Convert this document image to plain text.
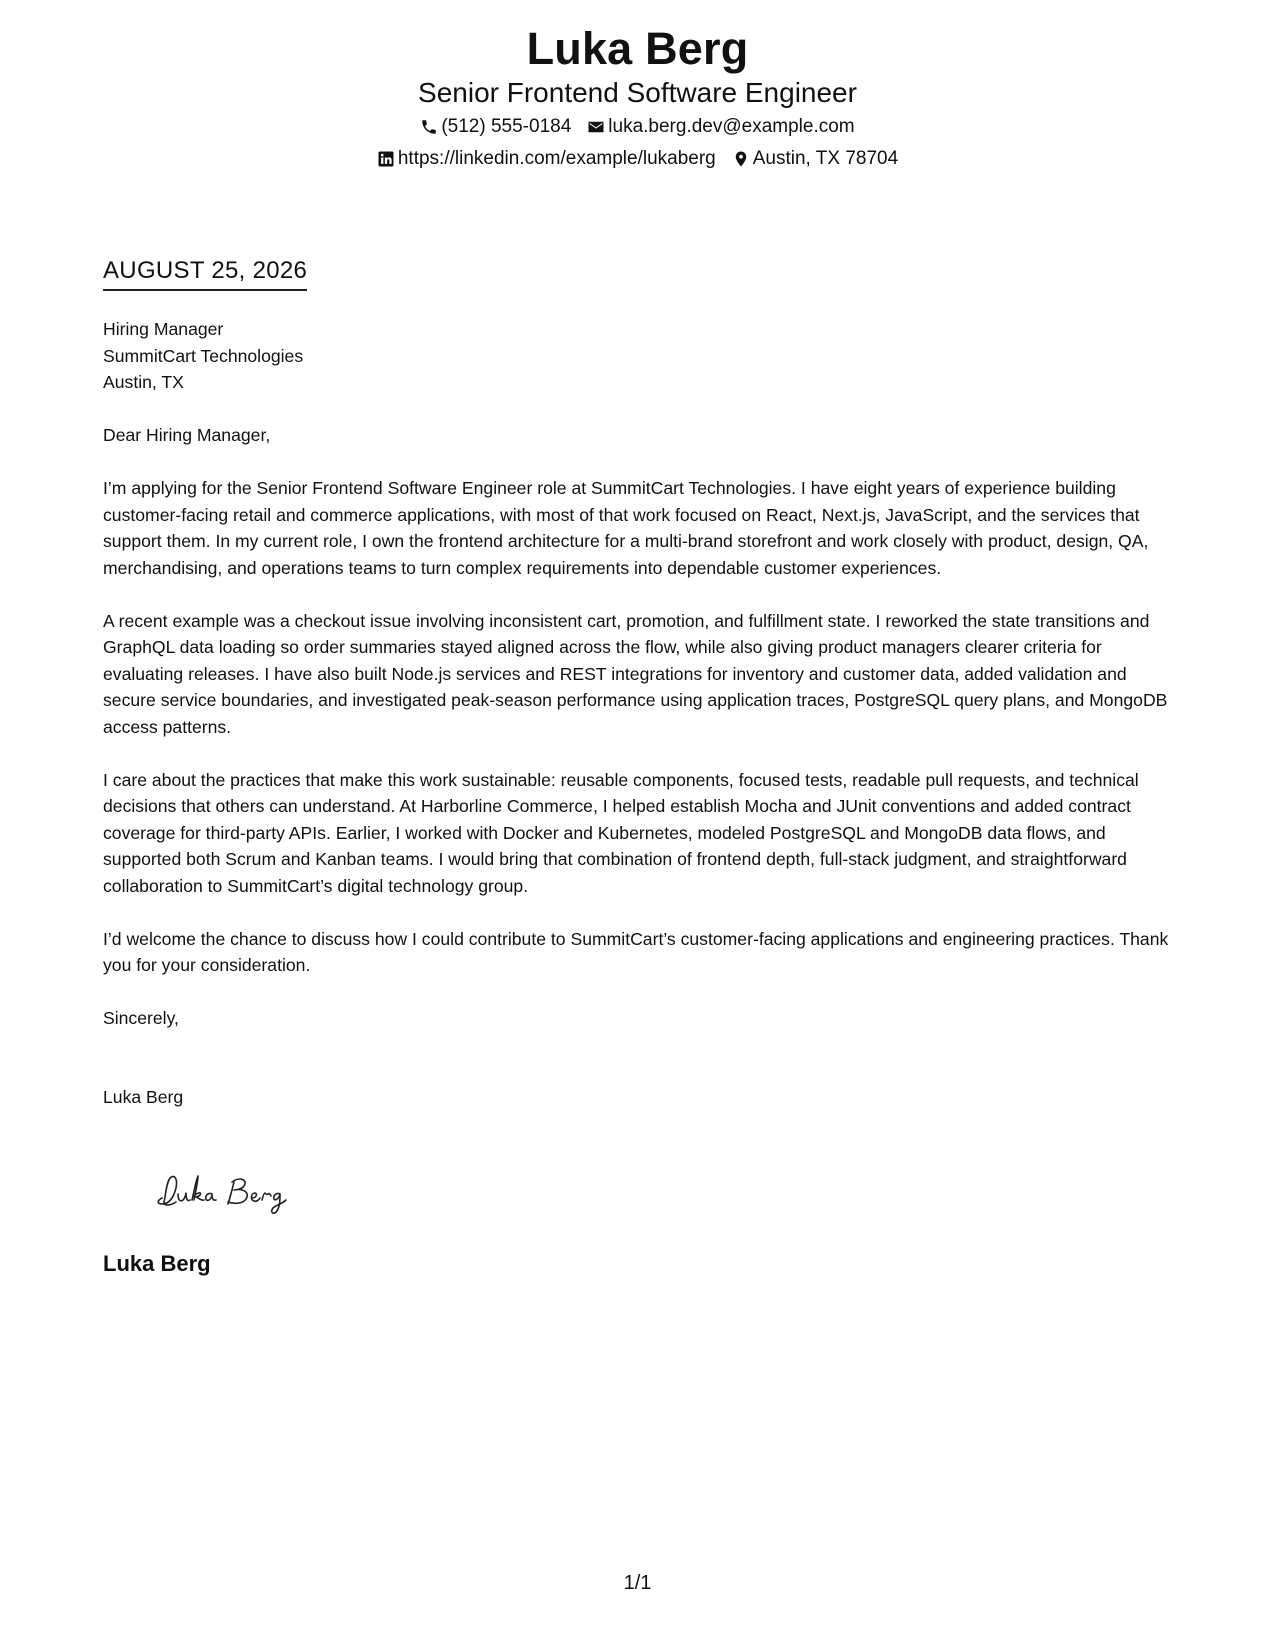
Luka Berg
Senior Frontend Software Engineer
(512) 555-0184 luka.berg.dev@example.com
https://linkedin.com/example/lukaberg Austin, TX 78704
AUGUST 25, 2026
Hiring Manager
SummitCart Technologies
Austin, TX

Dear Hiring Manager,

I’m applying for the Senior Frontend Software Engineer role at SummitCart Technologies. I have eight years of experience building customer-facing retail and commerce applications, with most of that work focused on React, Next.js, JavaScript, and the services that support them. In my current role, I own the frontend architecture for a multi-brand storefront and work closely with product, design, QA, merchandising, and operations teams to turn complex requirements into dependable customer experiences.

A recent example was a checkout issue involving inconsistent cart, promotion, and fulfillment state. I reworked the state transitions and GraphQL data loading so order summaries stayed aligned across the flow, while also giving product managers clearer criteria for evaluating releases. I have also built Node.js services and REST integrations for inventory and customer data, added validation and secure service boundaries, and investigated peak-season performance using application traces, PostgreSQL query plans, and MongoDB access patterns.

I care about the practices that make this work sustainable: reusable components, focused tests, readable pull requests, and technical decisions that others can understand. At Harborline Commerce, I helped establish Mocha and JUnit conventions and added contract coverage for third-party APIs. Earlier, I worked with Docker and Kubernetes, modeled PostgreSQL and MongoDB data flows, and supported both Scrum and Kanban teams. I would bring that combination of frontend depth, full-stack judgment, and straightforward collaboration to SummitCart’s digital technology group.

I’d welcome the chance to discuss how I could contribute to SummitCart’s customer-facing applications and engineering practices. Thank you for your consideration.

Sincerely,

Luka Berg

Luka Berg
1/1
